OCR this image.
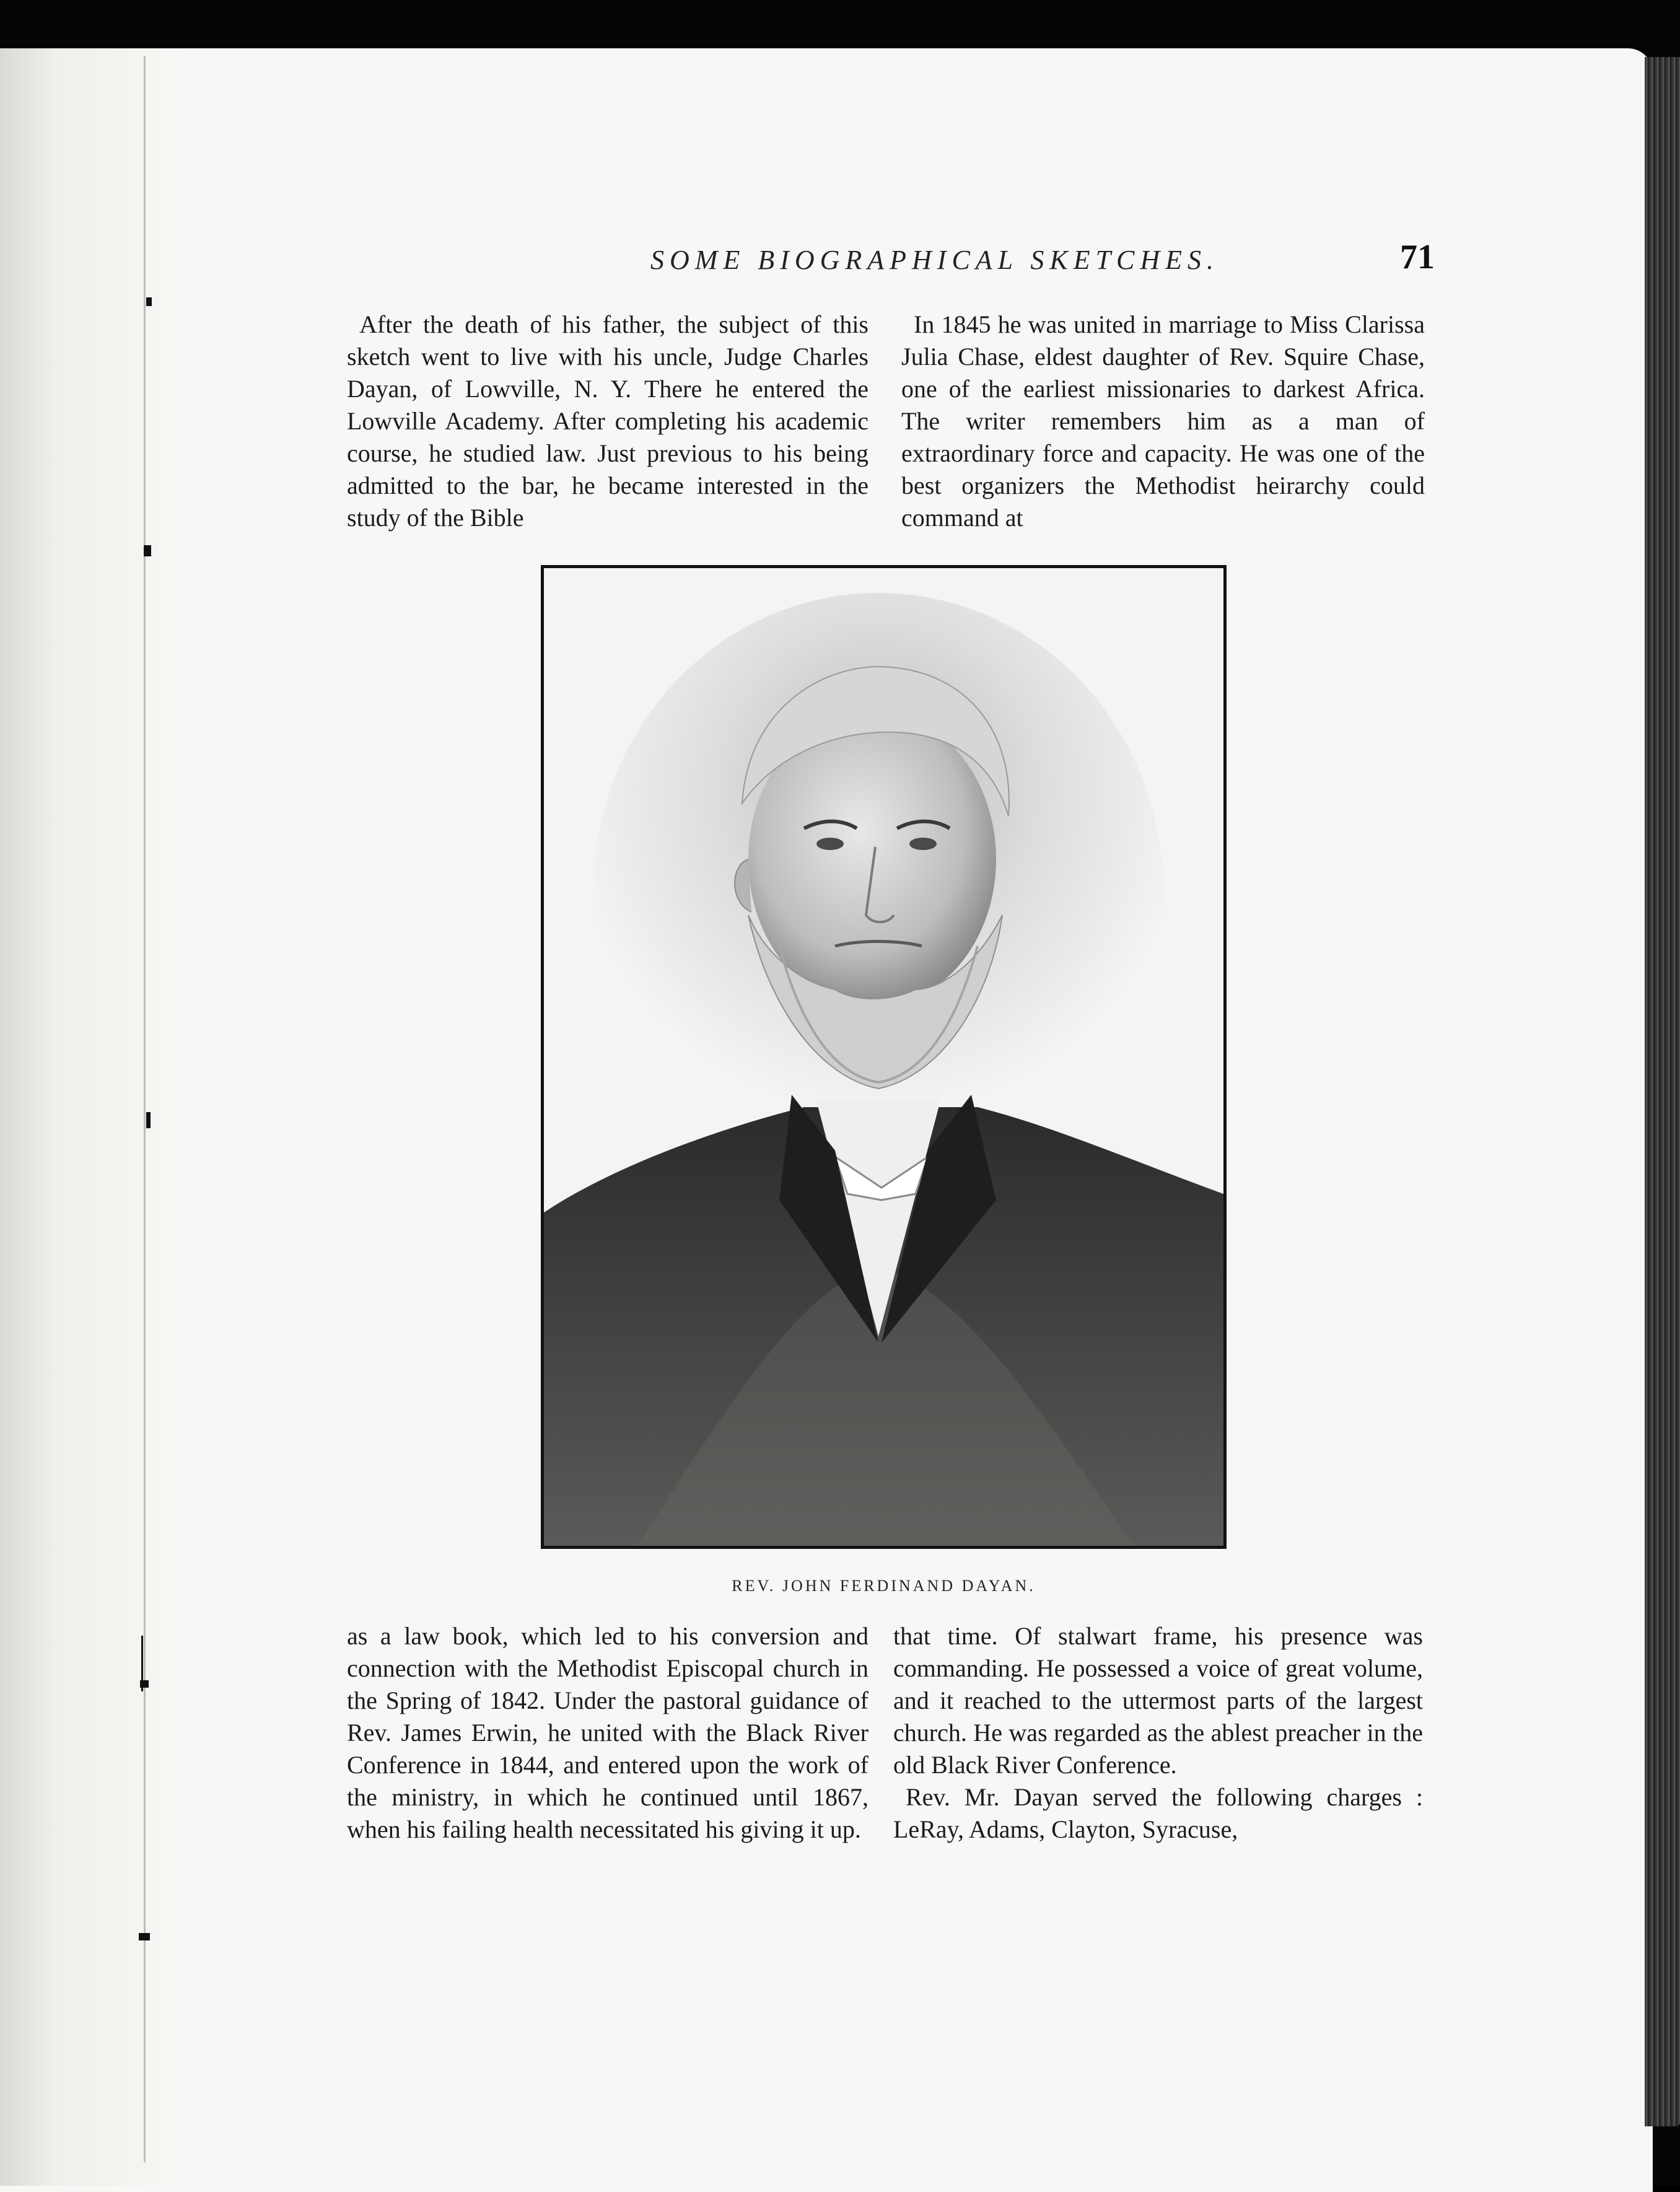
SOME BIOGRAPHICAL SKETCHES.	71

After the death of his father, the subject of this sketch went to live with his uncle, Judge Charles Dayan, of Lowville, N. Y. There he entered the Lowville Academy. After completing his academic course, he studied law. Just previous to his being admitted to the bar, he became interested in the study of the Bible

In 1845 he was united in marriage to Miss Clarissa Julia Chase, eldest daughter of Rev. Squire Chase, one of the earliest missionaries to darkest Africa. The writer remembers him as a man of extraordinary force and capacity. He was one of the best organizers the Methodist heirarchy could command at

REV. JOHN FERDINAND DAYAN.

as a law book, which led to his conversion and connection with the Methodist Episcopal church in the Spring of 1842. Under the pastoral guidance of Rev. James Erwin, he united with the Black River Conference in 1844, and entered upon the work of the ministry, in which he continued until 1867, when his failing health necessitated his giving it up.

that time. Of stalwart frame, his presence was commanding. He possessed a voice of great volume, and it reached to the uttermost parts of the largest church. He was regarded as the ablest preacher in the old Black River Conference.

Rev. Mr. Dayan served the following charges : LeRay, Adams, Clayton, Syracuse,
